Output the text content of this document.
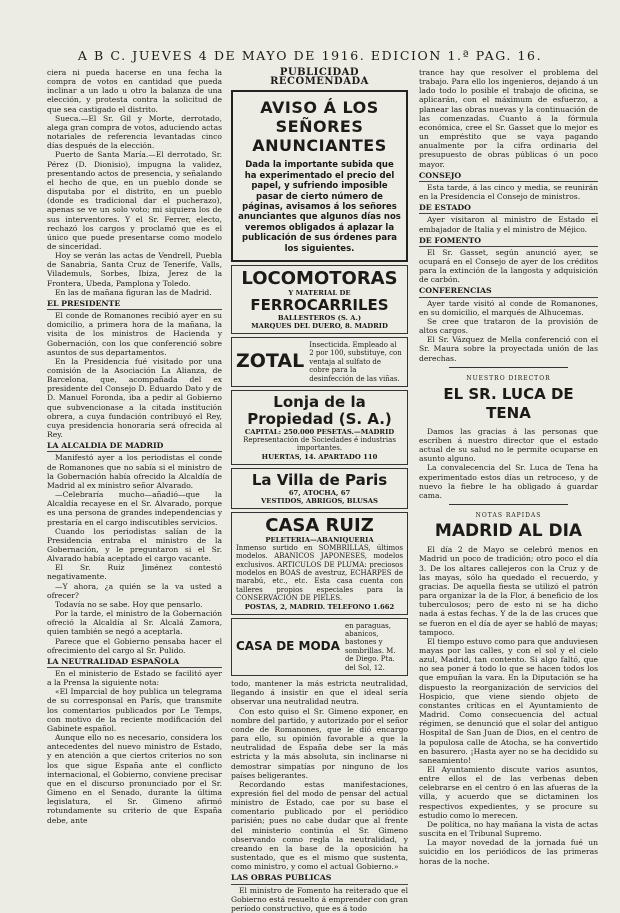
A B C. JUEVES 4 DE MAYO DE 1916. EDICION 1.ª PAG. 16.

ciera ni pueda hacerse en una fecha la compra de votos en cantidad que pueda inclinar a un lado u otro la balanza de una elección, y protesta contra la solicitud de que sea castigado el distrito.

Sueca.—El Sr. Gil y Morte, derrotado, alega gran compra de votos, aduciendo actas notariales de referencia levantadas cinco días después de la elección.

Puerto de Santa María.—El derrotado, Sr. Pérez (D. Dionisio), impugna la validez, presentando actos de presencia, y señalando el hecho de que, en un pueblo donde se disputaba por el distrito, en un pueblo (donde es tradicional dar el pucherazo), apenas se ve un solo voto; mi siquiera los de sus interventores. Y el Sr. Ferrer, electo, rechazó los cargos y proclamó que es el único que puede presentarse como modelo de sinceridad.

Hoy se verán las actas de Vendrell, Puebla de Sanabria, Santa Cruz de Tenerife, Valls, Vilademuls, Sorbes, Ibiza, Jerez de la Frontera, Ubeda, Pamplona y Toledo.

En las de mañana figuran las de Madrid.

EL PRESIDENTE

El conde de Romanones recibió ayer en su domicilio, a primera hora de la mañana, la visita de los ministros de Hacienda y Gobernación, con los que conferenció sobre asuntos de sus departamentos.

En la Presidencia fué visitado por una comisión de la Asociación La Alianza, de Barcelona, que, acompañada del ex presidente del Consejo D. Eduardo Dato y de D. Manuel Foronda, iba a pedir al Gobierno que subvencionase a la citada institución obrera, a cuya fundación contribuyó el Rey, cuya presidencia honoraria será ofrecida al Rey.

LA ALCALDIA DE MADRID

Manifestó ayer a los periodistas el conde de Romanones que no sabía si el ministro de la Gobernación había ofrecido la Alcaldía de Madrid al ex ministro señor Alvarado.

—Celebraría mucho—añadió—que la Alcaldía recayese en el Sr. Alvarado, porque es una persona de grandes independencias y prestaría en el cargo indiscutibles servicios.

Cuando los periodistas salían de la Presidencia entraba el ministro de la Gobernación, y le preguntaron si el Sr. Alvarado había aceptado el cargo vacante.

El Sr. Ruiz Jiménez contestó negativamente.

—Y ahora, ¿a quién se la va usted a ofrecer?

Todavía no se sabe. Hoy que pensarlo.

Por la tarde, el ministro de la Gobernación ofreció la Alcaldía al Sr. Alcalá Zamora, quien también se negó a aceptarla.

Parece que el Gobierno pensaba hacer el ofrecimiento del cargo al Sr. Pulido.

LA NEUTRALIDAD ESPAÑOLA

En el ministerio de Estado se facilitó ayer a la Prensa la siguiente nota:

«El Imparcial de hoy publica un telegrama de su corresponsal en París, que transmite los comentarios publicados por Le Temps, con motivo de la reciente modificación del Gabinete español.

Aunque ello no es necesario, considera los antecedentes del nuevo ministro de Estado, y en atención a que ciertos criterios no son los que sigue España ante el conflicto internacional, el Gobierno, conviene precisar que en el discurso pronunciado por el Sr. Gimeno en el Senado, durante la última legislatura, el Sr. Gimeno afirmó rotundamente su criterio de que España debe, ante

PUBLICIDAD RECOMENDADA
AVISO Á LOS SEÑORES ANUNCIANTES
Dada la importante subida que ha experimentado el precio del papel, y sufriendo imposible pasar de cierto número de páginas, avisamos á los señores anunciantes que algunos días nos veremos obligados á aplazar la publicación de sus órdenes para los siguientes.
LOCOMOTORAS
Y MATERIAL DE
FERROCARRILES
BALLESTEROS (S. A.)
MARQUES DEL DUERO, 8. MADRID
ZOTAL
Insecticida. Empleado al 2 por 100, substituye, con ventaja al sulfato de cobre para la desinfección de las viñas.
Lonja de la Propiedad (S. A.)
CAPITAL: 250.000 PESETAS.—MADRID
Representación de Sociedades é industrias importantes.
HUERTAS, 14. APARTADO 110
La Villa de Paris
67, ATOCHA, 67
VESTIDOS, ABRIGOS, BLUSAS
CASA RUIZ
PELETERIA—ABANIQUERIA
Inmenso surtido en SOMBRILLAS, últimos modelos. ABANICOS JAPONESES, modelos exclusivos. ARTICULOS DE PLUMA: preciosos modelos en BOAS de avestruz, ECHARPES de marabú, etc., etc. Esta casa cuenta con talleres propios especiales para la CONSERVACION DE PIELES.
POSTAS, 2, MADRID. TELEFONO 1.662
CASA DE MODA
en paraguas, abanicos, bastones y sombrillas. M. de Diego. Pta. del Sol, 12.

todo, mantener la más estricta neutralidad, llegando á insistir en que el ideal sería observar una neutralidad neutra.

Con esto quiso el Sr. Gimeno exponer, en nombre del partido, y autorizado por el señor conde de Romanones, que le dió encargo para ello, su opinión favorable a que la neutralidad de España debe ser la más estricta y la más absoluta, sin inclinarse ni demostrar simpatías por ninguno de los países beligerantes.

Recordando estas manifestaciones, expresión fiel del modo de pensar del actual ministro de Estado, cae por su base el comentario publicado por el periódico parisién; pues no cabe dudar que al frente del ministerio continúa el Sr. Gimeno observando como regla la neutralidad, y creando en la base de la oposición ha sustentado, que es el mismo que sustenta, como ministro, y como el actual Gobierno.»

LAS OBRAS PUBLICAS

El ministro de Fomento ha reiterado que el Gobierno está resuelto á emprender con gran período constructivo, que es á todo

trance hay que resolver el problema del trabajo. Para ello los ingenieros, dejando á un lado todo lo posible el trabajo de oficina, se aplicarán, con el máximum de esfuerzo, a planear las obras nuevas y la continuación de las comenzadas. Cuanto á la fórmula económica, cree el Sr. Gasset que lo mejor es un empréstito que se vaya pagando anualmente por la cifra ordinaria del presupuesto de obras públicas ó un poco mayor.

CONSEJO

Esta tarde, á las cinco y media, se reunirán en la Presidencia el Consejo de ministros.

DE ESTADO

Ayer visitaron al ministro de Estado el embajador de Italia y el ministro de Méjico.

DE FOMENTO

El Sr. Gasset, según anunció ayer, se ocupará en el Consejo de ayer de los créditos para la extinción de la langosta y adquisición de carbón.

CONFERENCIAS

Ayer tarde visitó al conde de Romanones, en su domicilio, el marqués de Alhucemas.

Se cree que trataron de la provisión de altos cargos.

El Sr. Vázquez de Mella conferenció con el Sr. Maura sobre la proyectada unión de las derechas.

NUESTRO DIRECTOR
EL SR. LUCA DE TENA

Damos las gracias á las personas que escriben á nuestro director que el estado actual de su salud no le permite ocuparse en asunto alguno.

La convalecencia del Sr. Luca de Tena ha experimentado estos días un retroceso, y de nuevo la fiebre le ha obligado á guardar cama.

NOTAS RAPIDAS
MADRID AL DIA

El día 2 de Mayo se celebró menos en Madrid un poco de tradición; otro poco el día 3. De los altares callejeros con la Cruz y de las mayas, sólo ha quedado el recuerdo, y gracias. De aquella fiesta se utilizó el patrón para organizar la de la Flor, á beneficio de los tuberculosos; pero de esto ni se ha dicho nada á estas fechas. Y de la de las cruces que se fueron en el día de ayer se habló de mayas; tampoco.

El tiempo estuvo como para que anduviesen mayas por las calles, y con el sol y el cielo azul, Madrid, tan contento. Si algo faltó, que no sea poner á todo lo que se hacen todos los que empuñan la vara. En la Diputación se ha dispuesto la reorganización de servicios del Hospicio, que viene siendo objeto de constantes críticas en el Ayuntamiento de Madrid. Como consecuencia del actual régimen, se denunció que el solar del antiguo Hospital de San Juan de Dios, en el centro de la populosa calle de Atocha, se ha convertido en basurero. ¡Hasta ayer no se ha decidido su saneamiento!

El Ayuntamiento discute varios asuntos, entre ellos el de las verbenas deben celebrarse en el centro ó en las afueras de la villa, y acuerdo que se dictaminen los respectivos expedientes, y se procure su estudio como lo merecen.

De política, no hay mañana la vista de actas suscita en el Tribunal Supremo.

La mayor novedad de la jornada fué un suicidio en los periódicos de las primeras horas de la noche.
